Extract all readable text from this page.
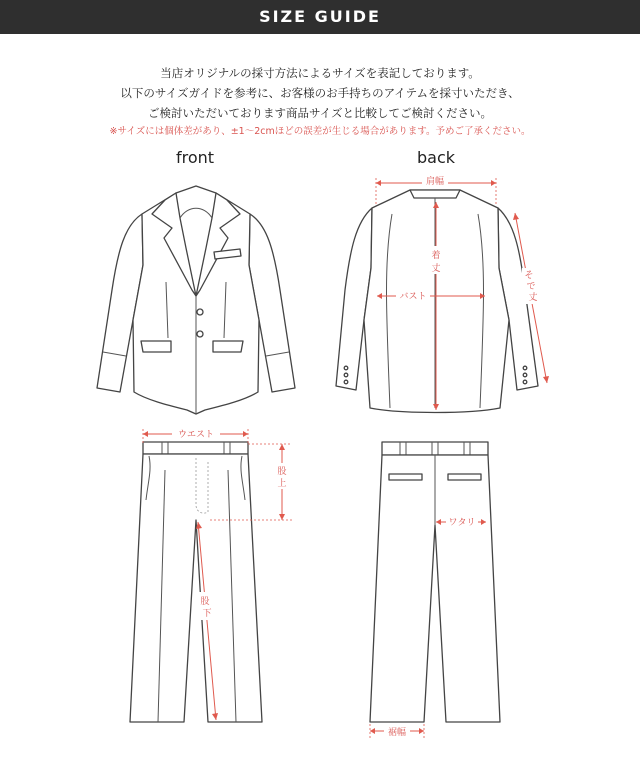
SIZE GUIDE
当店オリジナルの採寸方法によるサイズを表記しております。
以下のサイズガイドを参考に、お客様のお手持ちのアイテムを採寸いただき、
ご検討いただいております商品サイズと比較してご検討ください。
※サイズには個体差があり、±1〜2cmほどの誤差が生じる場合があります。予めご了承ください。
front	back
肩幅
着
丈
バスト
そ
で
丈
ウエスト
股
上
股
下
ワタリ
裾幅
